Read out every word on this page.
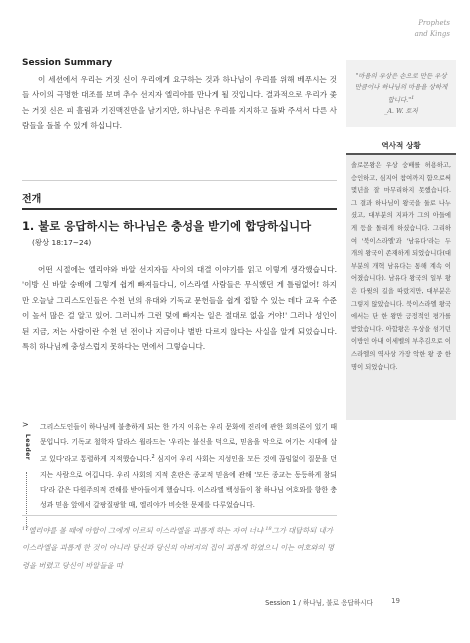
Prophets
and Kings
Session Summary

이 세션에서 우리는 거짓 신이 우리에게 요구하는 것과 하나님이 우리를 위해 베푸시는 것들 사이의 극명한 대조를 보며 추수 선지자 엘리야를 만나게 될 것입니다. 결과적으로 우리가 좇는 거짓 신은 피 흘림과 기진맥진만을 남기지만, 하나님은 우리를 지지하고 돌봐 주셔서 다른 사람들을 돌볼 수 있게 하십니다.

전개
1. 불로 응답하시는 하나님은 충성을 받기에 합당하십니다
(왕상 18:17~24)

어떤 시절에는 엘리야와 바알 선지자들 사이의 대결 이야기를 읽고 이렇게 생각했습니다. '이방 신 바알 숭배에 그렇게 쉽게 빠져들다니, 이스라엘 사람들은 무식했던 게 틀림없어! 하지만 오늘날 그리스도인들은 수천 년의 유대와 기독교 문헌들을 쉽게 접할 수 있는 데다 교육 수준이 높서 많은 걸 알고 있어. 그러니까 그런 덫에 빠지는 일은 절대로 없을 거야!' 그러나 성인이 된 지금, 저는 사람이란 수천 년 전이나 지금이나 별반 다르지 않다는 사실을 알게 되었습니다. 특히 하나님께 충성스럽지 못하다는 면에서 그렇습니다.

>
Leader

그리스도인들이 하나님께 불충하게 되는 한 가지 이유는 우리 문화에 진리에 관한 회의론이 있기 때문입니다. 기독교 철학자 달라스 윌라드는 '우리는 불신을 덕으로, 믿음을 악으로 여기는 시대에 살고 있다'라고 통렬하게 지적했습니다.$^2$ 심지어 우리 사회는 지성인을 모든 것에 끊임없이 질문을 던지는 사람으로 여깁니다. 우리 사회의 지적 혼란은 종교적 믿음에 관해 '모든 종교는 동등하게 참되다'라 같은 다원주의적 견해를 받아들이게 했습니다. 이스라엘 백성들이 참 하나님 여호와를 향한 충성과 믿음 앞에서 갈팡질팡할 때, 엘리야가 비슷한 문제를 다루었습니다.

$^{17}$엘리야를 볼 때에 아합이 그에게 이르되 이스라엘을 괴롭게 하는 자여 너냐 $^{18}$그가 대답하되 내가 이스라엘을 괴롭게 한 것이 아니라 당신과 당신의 아버지의 집이 괴롭게 하였으니 이는 여호와의 명령을 버렸고 당신이 바알들을 따

Session 1 / 하나님, 불로 응답하시다	19
"마음의 우상은 손으로 만든 우상만큼이나 하나님의 마음을 상하게 합니다."$^1$
_A. W. 토저
역사적 상황

솔로몬왕은 우상 숭배를 허용하고, 승인하고, 심지어 참여까지 함으로써 몇년을 잘 마무리하지 못했습니다. 그 결과 하나님이 왕국을 둘로 나누셨고, 대부분의 지파가 그의 아들에게 등을 돌리게 하셨습니다. 그리하여 '북이스라엘'과 '남유다'라는 두 개의 왕국이 존재하게 되었습니다(대부분의 개혁 남유다는 통해 계속 이어졌습니다). 남유다 왕국의 일부 왕은 다윗의 길을 따랐지만, 대부분은 그렇지 않았습니다. 북이스라엘 왕국에서는 단 한 왕만 긍정적인 평가를 받았습니다. 아합왕은 우상을 섬기던 이방인 아내 이세벨의 부추김으로 이스라엘의 역사상 가장 악한 왕 중 한 명이 되었습니다.
